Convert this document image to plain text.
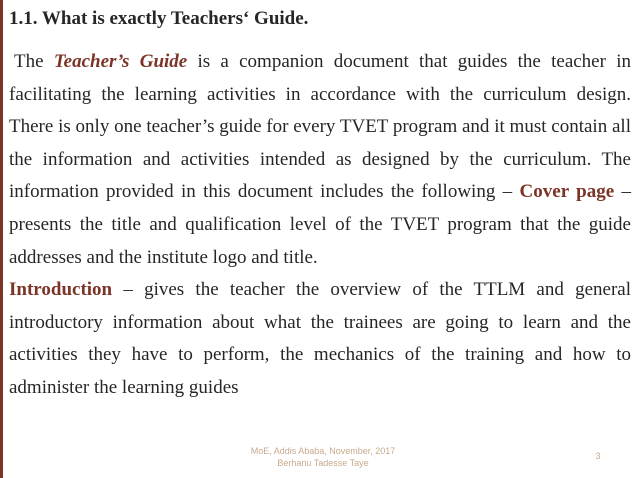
1.1. What is exactly Teachers‘ Guide.

The Teacher’s Guide is a companion document that guides the teacher in facilitating the learning activities in accordance with the curriculum design. There is only one teacher’s guide for every TVET program and it must contain all the information and activities intended as designed by the curriculum. The information provided in this document includes the following – Cover page – presents the title and qualification level of the TVET program that the guide addresses and the institute logo and title.

Introduction – gives the teacher the overview of the TTLM and general introductory information about what the trainees are going to learn and the activities they have to perform, the mechanics of the training and how to administer the learning guides

MoE, Addis Ababa, November, 2017
Berhanu Tadesse Taye
3
